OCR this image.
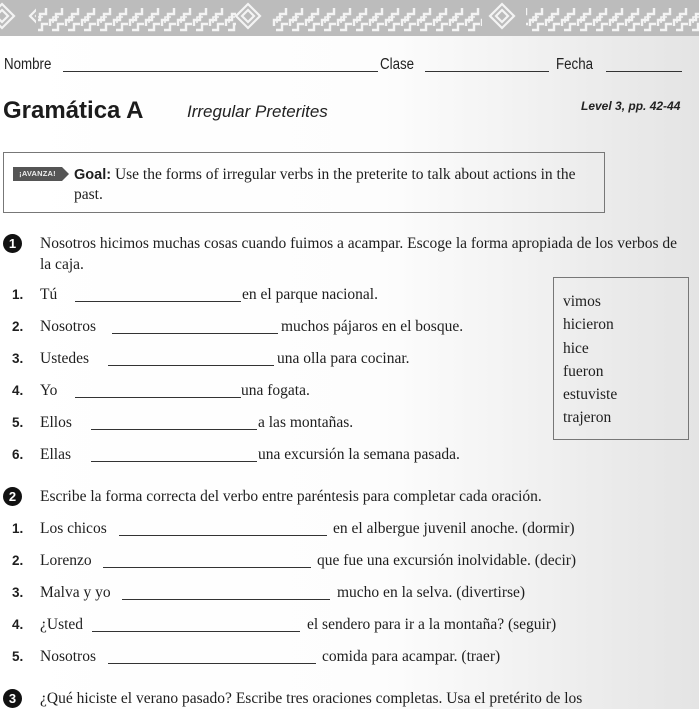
Nombre	Clase	Fecha
Gramática A	Irregular Preterites	Level 3, pp. 42-44
¡AVANZA!	Goal: Use the forms of irregular verbs in the preterite to talk about actions in the past.
1	Nosotros hicimos muchas cosas cuando fuimos a acampar. Escoge la forma apropiada de los verbos de la caja.
1. Tú	en el parque nacional.
2. Nosotros	muchos pájaros en el bosque.
3. Ustedes	una olla para cocinar.
4. Yo	una fogata.
5. Ellos	a las montañas.
6. Ellas	una excursión la semana pasada.
vimos
hicieron
hice
fueron
estuviste
trajeron
2	Escribe la forma correcta del verbo entre paréntesis para completar cada oración.
1. Los chicos	en el albergue juvenil anoche. (dormir)
2. Lorenzo	que fue una excursión inolvidable. (decir)
3. Malva y yo	mucho en la selva. (divertirse)
4. ¿Usted	el sendero para ir a la montaña? (seguir)
5. Nosotros	comida para acampar. (traer)
3	¿Qué hiciste el verano pasado? Escribe tres oraciones completas. Usa el pretérito de los
